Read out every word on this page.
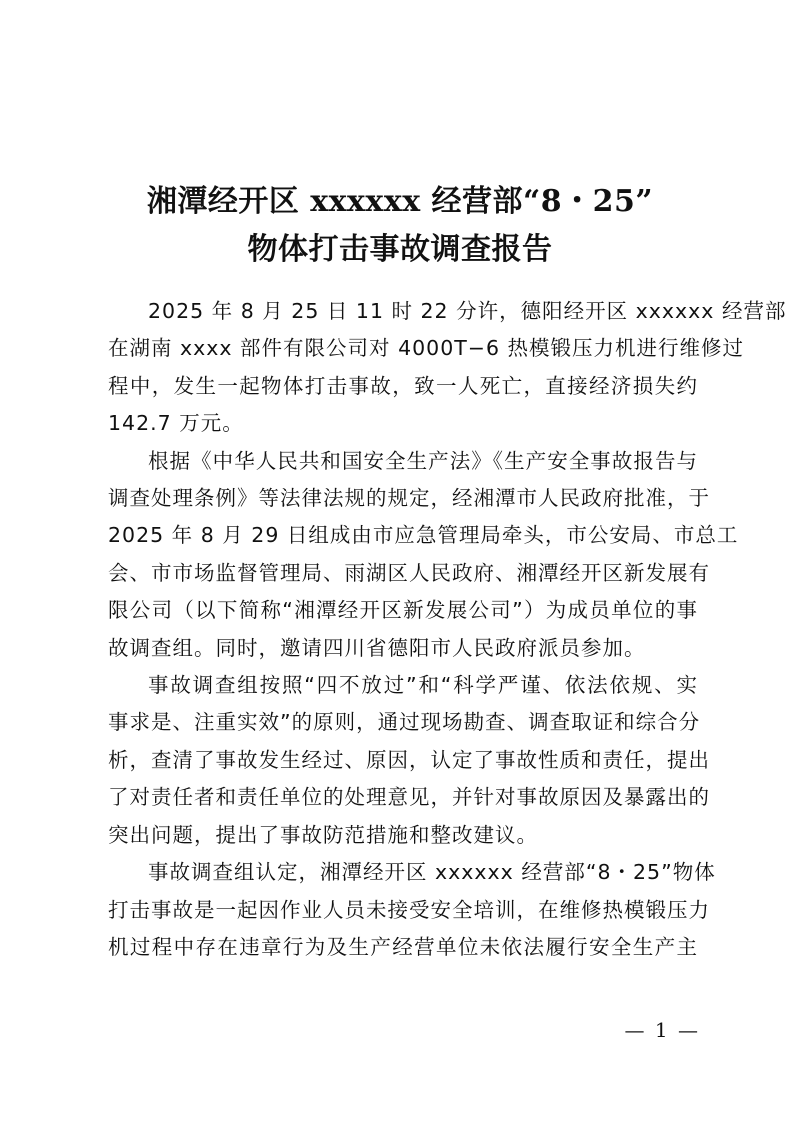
湘潭经开区 xxxxxx 经营部“8・25”
物体打击事故调查报告
2025 年 8 月 25 日 11 时 22 分许，德阳经开区 xxxxxx 经营部
在湖南 xxxx 部件有限公司对 4000T−6 热模锻压力机进行维修过
程中，发生一起物体打击事故，致一人死亡，直接经济损失约
142.7 万元。
根据《中华人民共和国安全生产法》《生产安全事故报告与
调查处理条例》等法律法规的规定，经湘潭市人民政府批准，于
2025 年 8 月 29 日组成由市应急管理局牵头，市公安局、市总工
会、市市场监督管理局、雨湖区人民政府、湘潭经开区新发展有
限公司（以下简称“湘潭经开区新发展公司”）为成员单位的事
故调查组。同时，邀请四川省德阳市人民政府派员参加。
事故调查组按照“四不放过”和“科学严谨、依法依规、实
事求是、注重实效”的原则，通过现场勘查、调查取证和综合分
析，查清了事故发生经过、原因，认定了事故性质和责任，提出
了对责任者和责任单位的处理意见，并针对事故原因及暴露出的
突出问题，提出了事故防范措施和整改建议。
事故调查组认定，湘潭经开区 xxxxxx 经营部“8・25”物体
打击事故是一起因作业人员未接受安全培训，在维修热模锻压力
机过程中存在违章行为及生产经营单位未依法履行安全生产主
— 1 —
